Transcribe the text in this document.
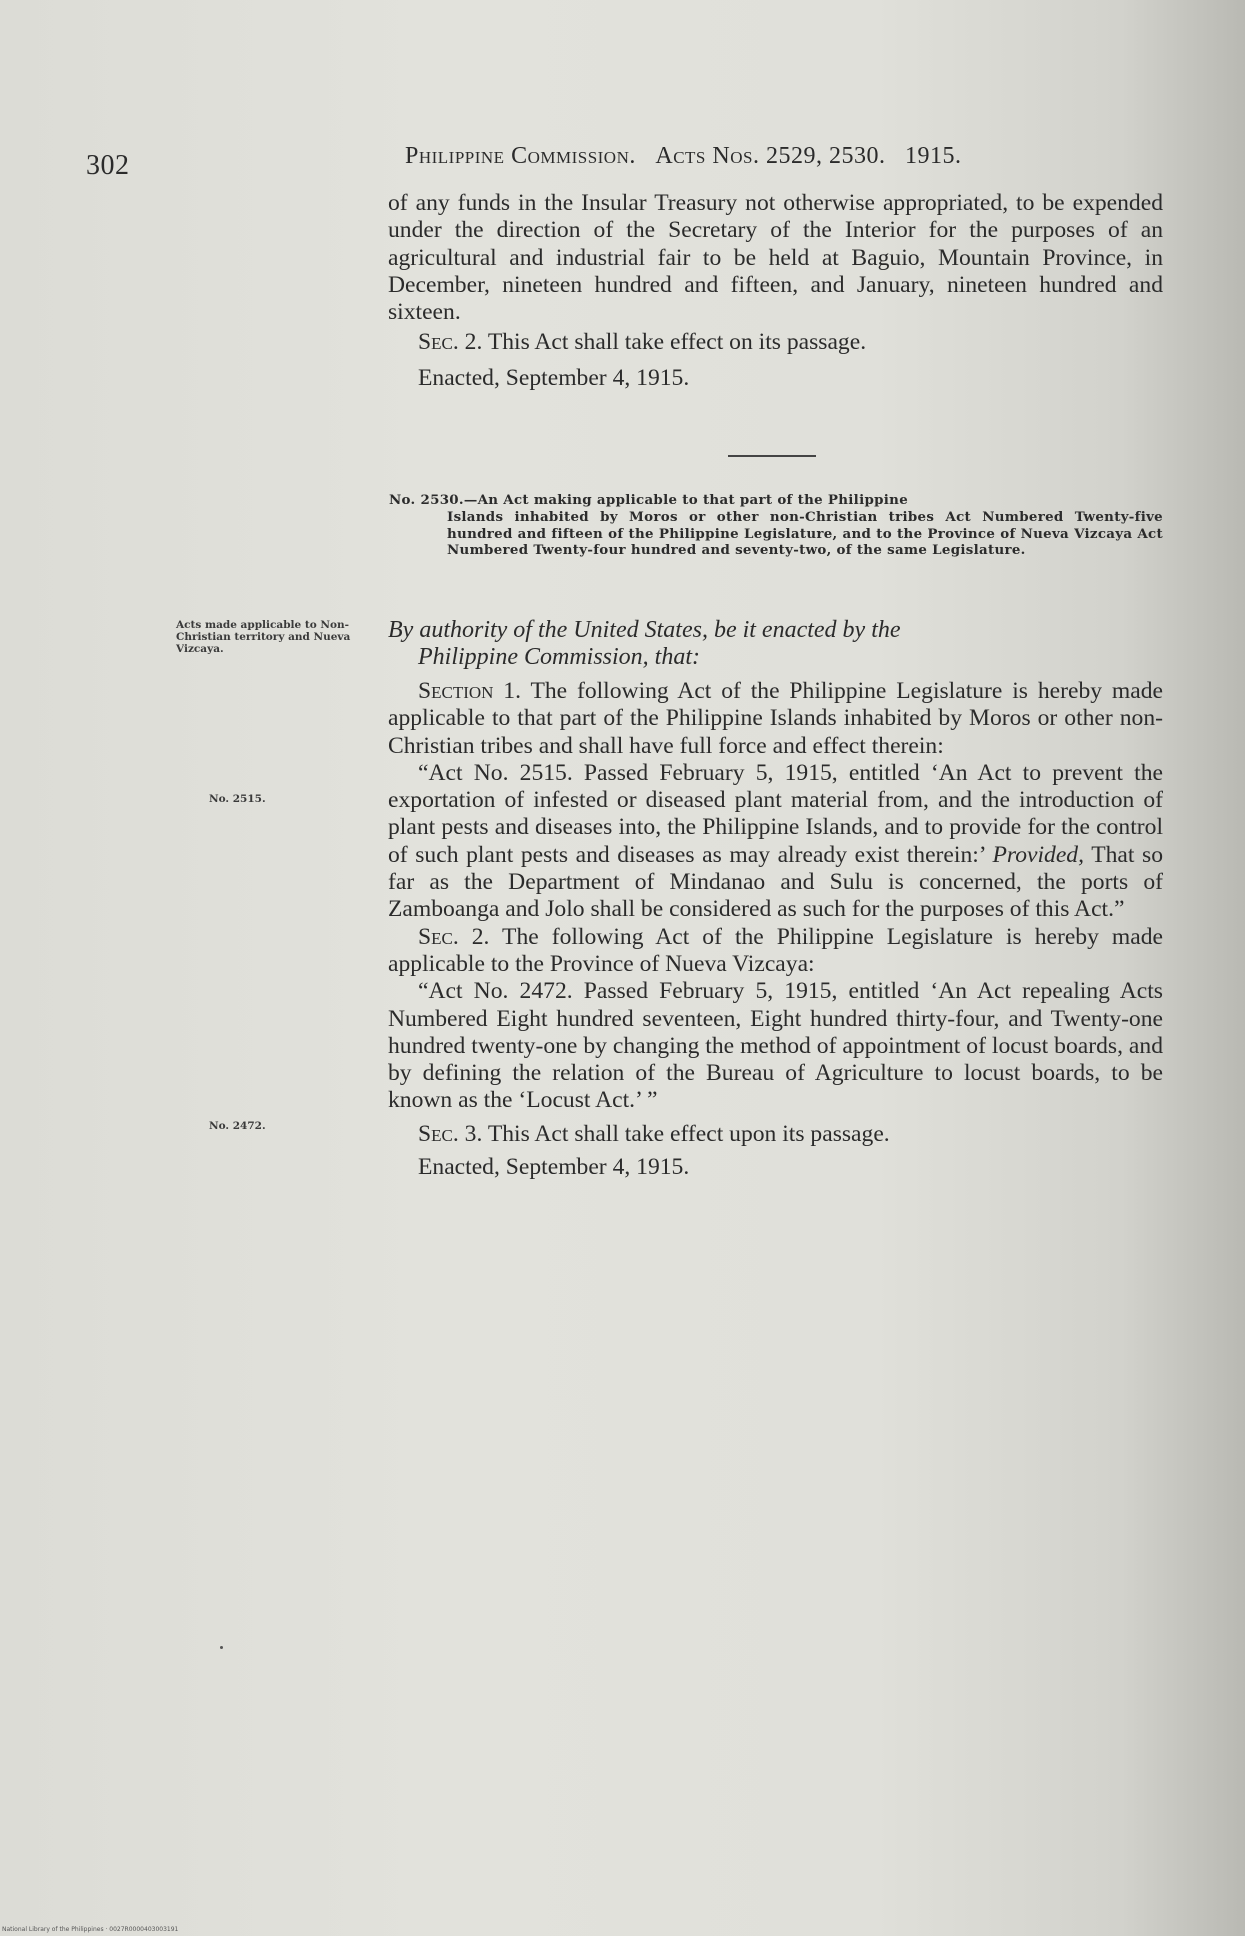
302	Philippine Commission. Acts Nos. 2529, 2530. 1915.

of any funds in the Insular Treasury not otherwise appropriated, to be expended under the direction of the Secretary of the Interior for the purposes of an agricultural and industrial fair to be held at Baguio, Mountain Province, in December, nineteen hundred and fifteen, and January, nineteen hundred and sixteen.

Sec. 2. This Act shall take effect on its passage.

Enacted, September 4, 1915.

No. 2530.—An Act making applicable to that part of the Philippine
Islands inhabited by Moros or other non-Christian tribes Act Numbered Twenty-five hundred and fifteen of the Philippine Legislature, and to the Province of Nueva Vizcaya Act Numbered Twenty-four hundred and seventy-two, of the same Legislature.
Acts made applicable to Non-Christian territory and Nueva Vizcaya.
By authority of the United States, be it enacted by the
Philippine Commission, that:
No. 2515.
No. 2472.

Section 1. The following Act of the Philippine Legislature is hereby made applicable to that part of the Philippine Islands inhabited by Moros or other non-Christian tribes and shall have full force and effect therein:

“Act No. 2515. Passed February 5, 1915, entitled ‘An Act to prevent the exportation of infested or diseased plant material from, and the introduction of plant pests and diseases into, the Philippine Islands, and to provide for the control of such plant pests and diseases as may already exist therein:’ Provided, That so far as the Department of Mindanao and Sulu is concerned, the ports of Zamboanga and Jolo shall be considered as such for the purposes of this Act.”

Sec. 2. The following Act of the Philippine Legislature is hereby made applicable to the Province of Nueva Vizcaya:

“Act No. 2472. Passed February 5, 1915, entitled ‘An Act repealing Acts Numbered Eight hundred seventeen, Eight hundred thirty-four, and Twenty-one hundred twenty-one by changing the method of appointment of locust boards, and by defining the relation of the Bureau of Agriculture to locust boards, to be known as the ‘Locust Act.’ ”

Sec. 3. This Act shall take effect upon its passage.

Enacted, September 4, 1915.

National Library of the Philippines · 0027R0000403003191
